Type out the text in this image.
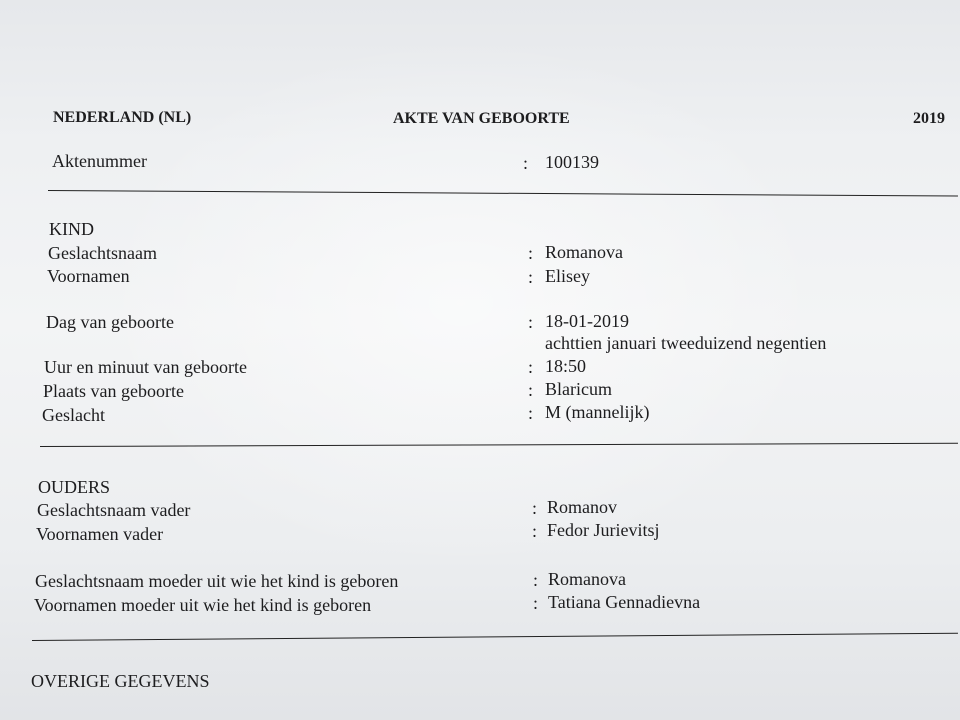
NEDERLAND (NL)	AKTE VAN GEBOORTE	2019
Aktenummer	: 100139
KIND
Geslachtsnaam	: Romanova
Voornamen	: Elisey
Dag van geboorte	: 18-01-2019
achttien januari tweeduizend negentien
Uur en minuut van geboorte	: 18:50
Plaats van geboorte	: Blaricum
Geslacht	: M (mannelijk)
OUDERS
Geslachtsnaam vader	: Romanov
Voornamen vader	: Fedor Jurievitsj
Geslachtsnaam moeder uit wie het kind is geboren	: Romanova
Voornamen moeder uit wie het kind is geboren	: Tatiana Gennadievna
OVERIGE GEGEVENS
